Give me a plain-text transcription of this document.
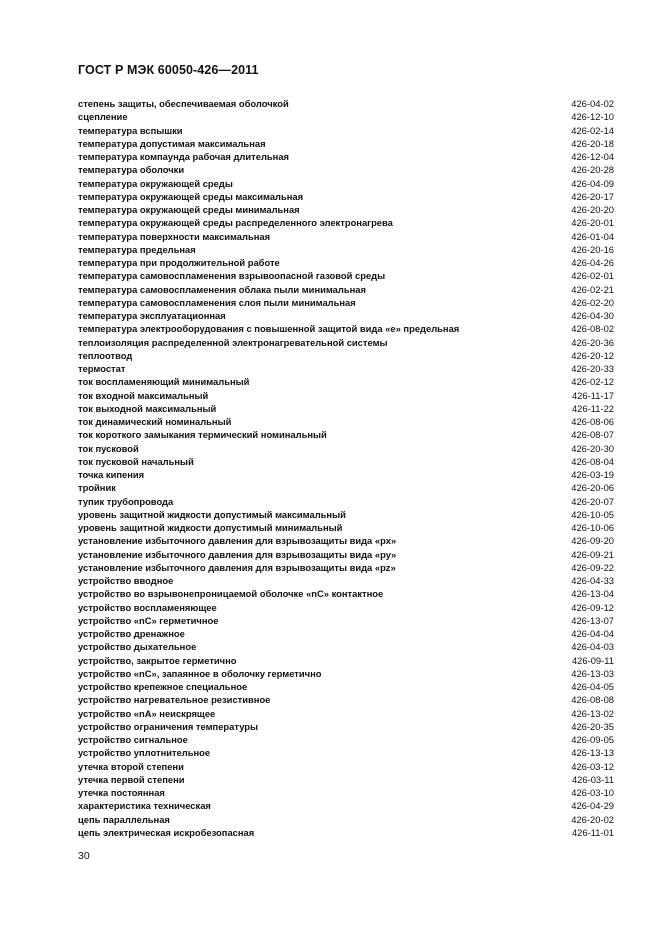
ГОСТ Р МЭК 60050-426—2011
степень защиты, обеспечиваемая оболочкой	426-04-02
сцепление	426-12-10
температура вспышки	426-02-14
температура допустимая максимальная	426-20-18
температура компаунда рабочая длительная	426-12-04
температура оболочки	426-20-28
температура окружающей среды	426-04-09
температура окружающей среды максимальная	426-20-17
температура окружающей среды минимальная	426-20-20
температура окружающей среды распределенного электронагрева	426-20-01
температура поверхности максимальная	426-01-04
температура предельная	426-20-16
температура при продолжительной работе	426-04-26
температура самовоспламенения взрывоопасной газовой среды	426-02-01
температура самовоспламенения облака пыли минимальная	426-02-21
температура самовоспламенения слоя пыли минимальная	426-02-20
температура эксплуатационная	426-04-30
температура электрооборудования с повышенной защитой вида «е» предельная	426-08-02
теплоизоляция распределенной электронагревательной системы	426-20-36
теплоотвод	426-20-12
термостат	426-20-33
ток воспламеняющий минимальный	426-02-12
ток входной максимальный	426-11-17
ток выходной максимальный	426-11-22
ток динамический номинальный	426-08-06
ток короткого замыкания термический номинальный	426-08-07
ток пусковой	426-20-30
ток пусковой начальный	426-08-04
точка кипения	426-03-19
тройник	426-20-06
тупик трубопровода	426-20-07
уровень защитной жидкости допустимый максимальный	426-10-05
уровень защитной жидкости допустимый минимальный	426-10-06
установление избыточного давления для взрывозащиты вида «px»	426-09-20
установление избыточного давления для взрывозащиты вида «py»	426-09-21
установление избыточного давления для взрывозащиты вида «pz»	426-09-22
устройство вводное	426-04-33
устройство во взрывонепроницаемой оболочке «nC» контактное	426-13-04
устройство воспламеняющее	426-09-12
устройство «nC» герметичное	426-13-07
устройство дренажное	426-04-04
устройство дыхательное	426-04-03
устройство, закрытое герметично	426-09-11
устройство «nC», запаянное в оболочку герметично	426-13-03
устройство крепежное специальное	426-04-05
устройство нагревательное резистивное	426-08-08
устройство «nA» неискрящее	426-13-02
устройство ограничения температуры	426-20-35
устройство сигнальное	426-09-05
устройство уплотнительное	426-13-13
утечка второй степени	426-03-12
утечка первой степени	426-03-11
утечка постоянная	426-03-10
характеристика техническая	426-04-29
цепь параллельная	426-20-02
цепь электрическая искробезопасная	426-11-01
30
